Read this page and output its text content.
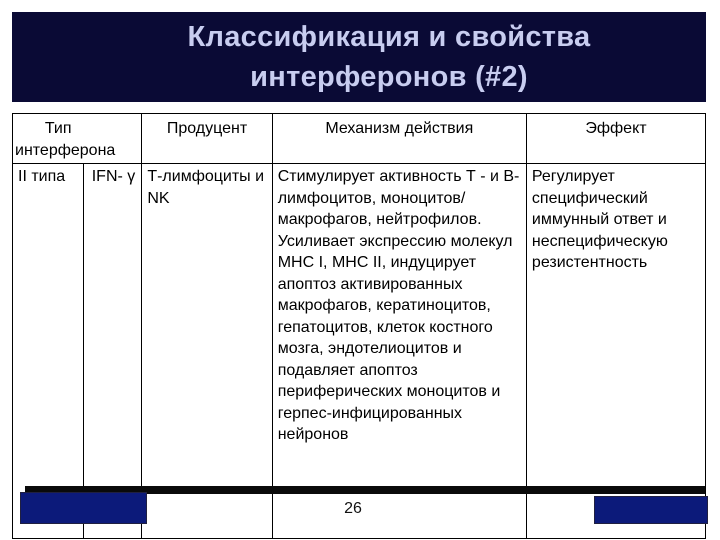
Классификация и свойства
интерферонов (#2)
Тип интерферона		Продуцент	Механизм действия	Эффект
II типа	IFN- γ	Т-лимфоциты и NK	Стимулирует активность Т - и В-лимфоцитов, моноцитов/макрофагов, нейтрофилов. Усиливает экспрессию молекул MHC I, MHC II, индуцирует апоптоз активированных макрофагов, кератиноцитов, гепатоцитов, клеток костного мозга, эндотелиоцитов и подавляет апоптоз периферических моноцитов и герпес-инфицированных нейронов	Регулирует специфический иммунный ответ и неспецифическую резистентность
26
